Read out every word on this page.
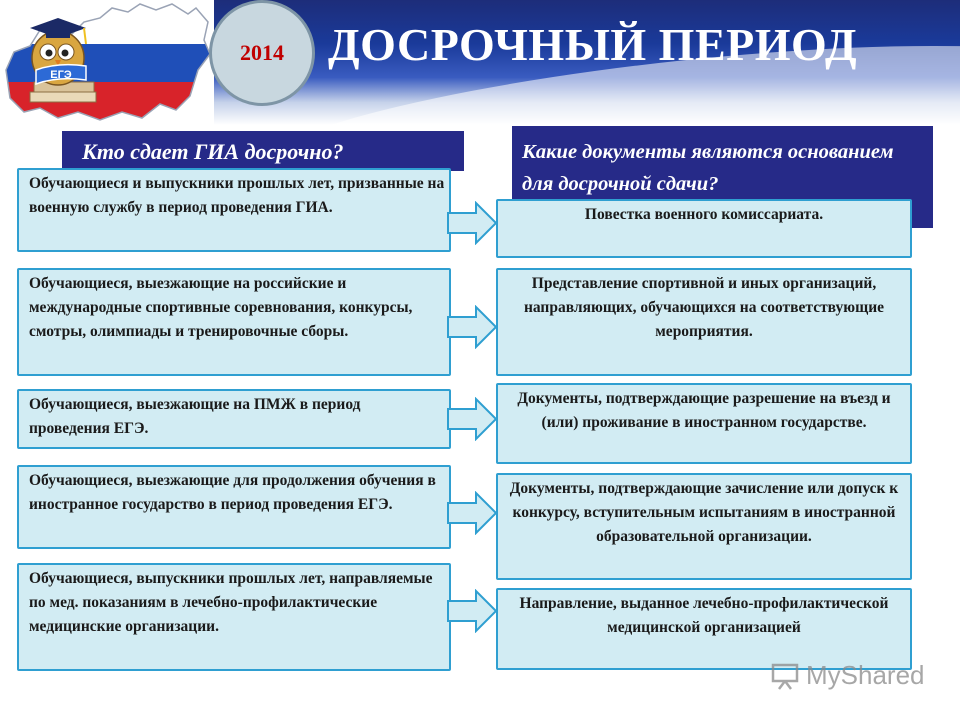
ЕГЭ
2014 ДОСРОЧНЫЙ ПЕРИОД
Кто сдает ГИА досрочно?	Какие документы являются основанием для досрочной сдачи?
Обучающиеся и выпускники прошлых лет, призванные на военную службу в период проведения ГИА.	Повестка военного комиссариата.
Обучающиеся, выезжающие на российские и международные спортивные соревнования, конкурсы, смотры, олимпиады и тренировочные сборы.
Представление спортивной и иных организаций, направляющих, обучающихся на соответствующие мероприятия.
Обучающиеся, выезжающие на ПМЖ в период проведения ЕГЭ.
Документы, подтверждающие разрешение на въезд и (или) проживание в иностранном государстве.
Обучающиеся, выезжающие для продолжения обучения в иностранное государство в период проведения ЕГЭ.
Документы, подтверждающие зачисление или допуск к конкурсу, вступительным испытаниям в иностранной образовательной организации.
Обучающиеся, выпускники прошлых лет, направляемые по мед. показаниям в лечебно-профилактические медицинские организации.
Направление, выданное лечебно-профилактической медицинской организацией
MyShared
